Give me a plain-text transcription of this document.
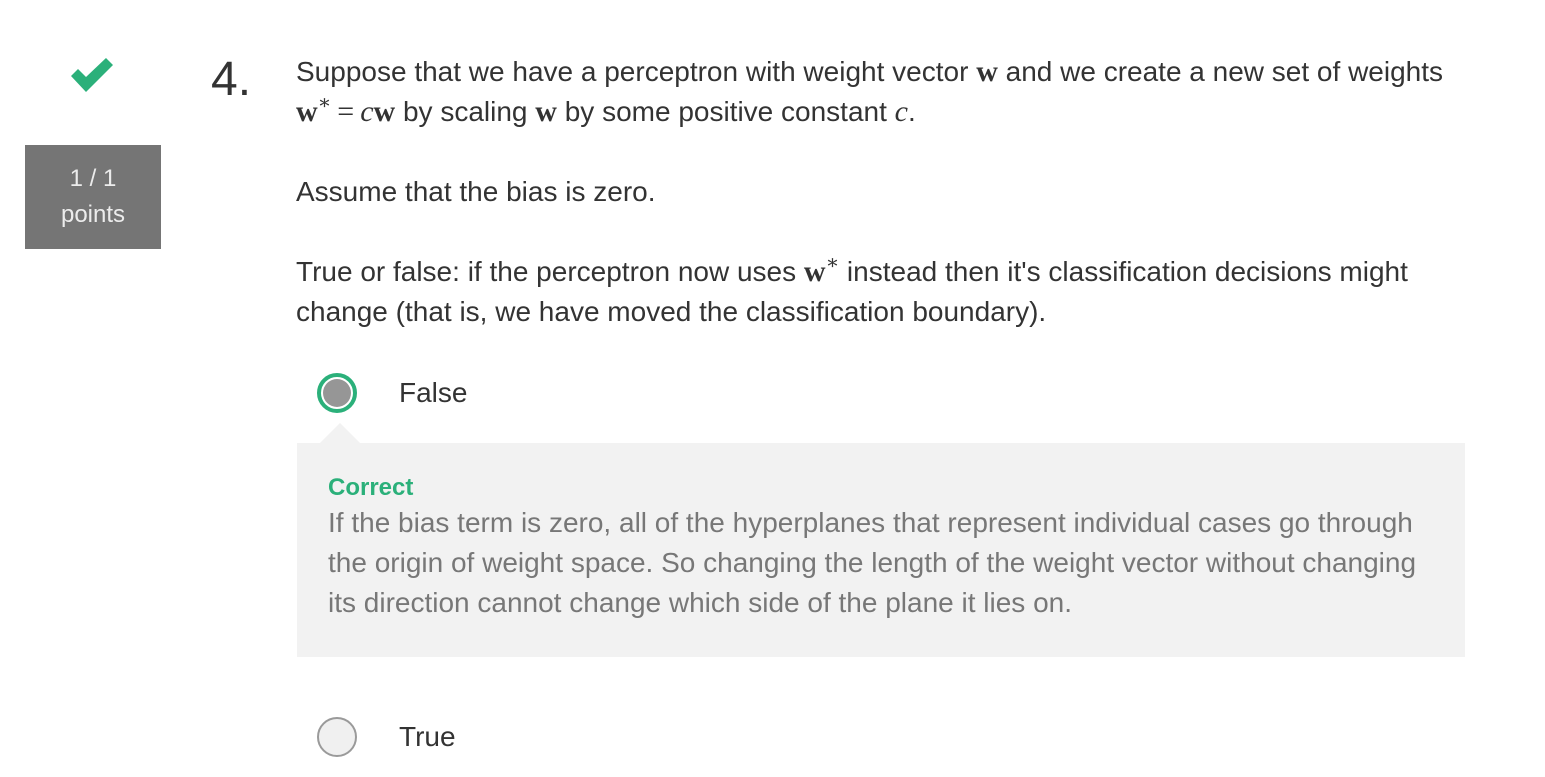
1 / 1
points
4. Suppose that we have a perceptron with weight vector w and we create a new set of weights w∗ = cw by scaling w by some positive constant c.

Assume that the bias is zero.

True or false: if the perceptron now uses w∗ instead then it's classification decisions might change (that is, we have moved the classification boundary).

False
Correct
If the bias term is zero, all of the hyperplanes that represent individual cases go through the origin of weight space. So changing the length of the weight vector without changing its direction cannot change which side of the plane it lies on.
True
